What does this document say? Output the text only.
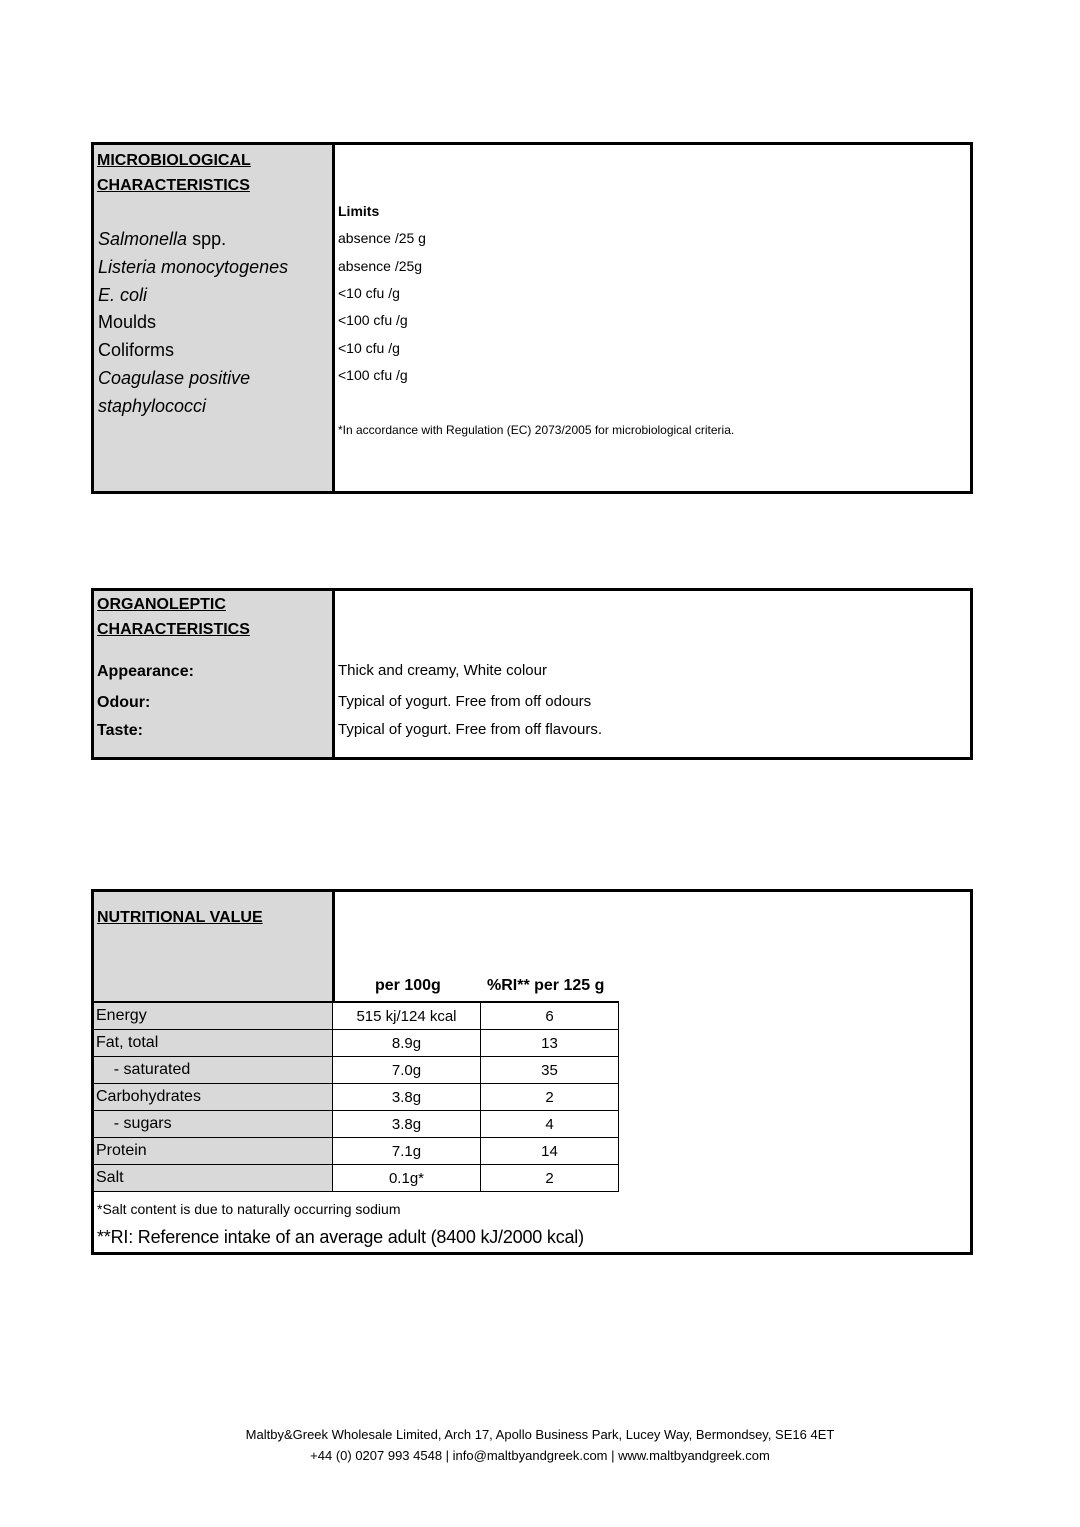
MICROBIOLOGICAL
CHARACTERISTICS
Limits
Salmonella spp.	absence /25 g
Listeria monocytogenes	absence /25g
E. coli	<10 cfu /g
Moulds	<100 cfu /g
Coliforms	<10 cfu /g
Coagulase positive	<100 cfu /g
staphylococci
*In accordance with Regulation (EC) 2073/2005 for microbiological criteria.
ORGANOLEPTIC
CHARACTERISTICS
Appearance:	Thick and creamy, White colour
Odour:	Typical of yogurt. Free from off odours
Taste:	Typical of yogurt. Free from off flavours.
NUTRITIONAL VALUE
per 100g	%RI** per 125 g
Energy	515 kj/124 kcal	6
Fat, total	8.9g	13
- saturated	7.0g	35
Carbohydrates	3.8g	2
- sugars	3.8g	4
Protein	7.1g	14
Salt	0.1g*	2
*Salt content is due to naturally occurring sodium
**RI: Reference intake of an average adult (8400 kJ/2000 kcal)
Maltby&Greek Wholesale Limited, Arch 17, Apollo Business Park, Lucey Way, Bermondsey, SE16 4ET
+44 (0) 0207 993 4548 | info@maltbyandgreek.com | www.maltbyandgreek.com
